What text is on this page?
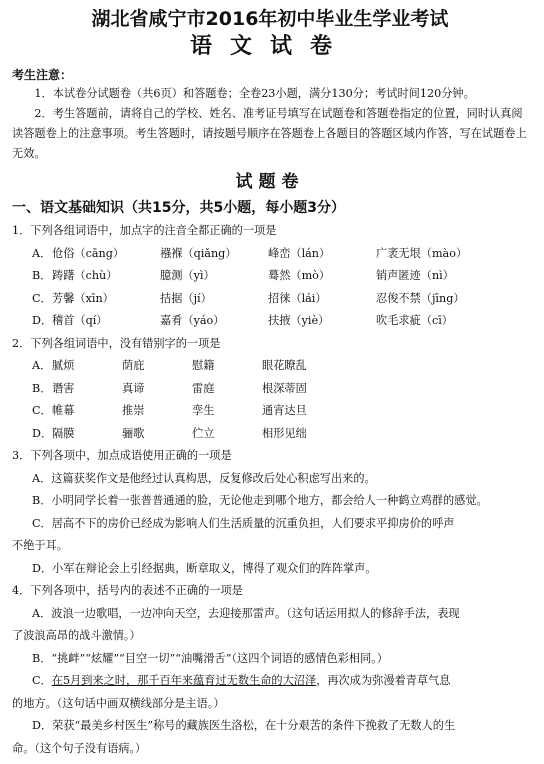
湖北省咸宁市2016年初中毕业生学业考试
语文试卷
考生注意：
1．本试卷分试题卷（共6页）和答题卷；全卷23小题，满分130分；考试时间120分钟。
2．考生答题前，请将自己的学校、姓名、准考证号填写在试题卷和答题卷指定的位置，同时认真阅读答题卷上的注意事项。考生答题时，请按题号顺序在答题卷上各题目的答题区域内作答，写在试题卷上无效。
试题卷
一、语文基础知识（共15分，共5小题，每小题3分）
1．下列各组词语中，加点字的注音全都正确的一项是
A． 伧俗（cāng）	襁褓（qiǎng）	峰峦（lán）	广袤无垠（mào）
B． 踌躇（chù）	臆测（yì）	蓦然（mò）	销声匿迹（nì）
C． 芳馨（xīn）	拮据（jí）	招徕（lái）	忍俊不禁（jīng）
D． 稽首（qí）	嘉肴（yáo）	扶掖（yiè）	吹毛求疵（cī）
2．下列各组词语中，没有错别字的一项是
A． 腻烦	荫庇	慰籍	眼花瞭乱
B． 谮害	真谛	雷庭	根深蒂固
C． 帷幕	推崇	孪生	通宵达旦
D． 隔膜	骊歌	伫立	相形见绌
3．下列各项中，加点成语使用正确的一项是
A．这篇获奖作文是他经过认真构思，反复修改后处心积虑写出来的。
B．小明同学长着一张普普通通的脸，无论他走到哪个地方，都会给人一种鹤立鸡群的感觉。
C．居高不下的房价已经成为影响人们生活质量的沉重负担，人们要求平抑房价的呼声
不绝于耳。
D．小军在辩论会上引经据典，断章取义，博得了观众们的阵阵掌声。
4．下列各项中，括号内的表述不正确的一项是
A．波浪一边歌唱，一边冲向天空，去迎接那雷声。（这句话运用拟人的修辞手法，表现
了波浪高昂的战斗激情。）
B．“挑衅”“炫耀”“目空一切”“油嘴滑舌”（这四个词语的感情色彩相同。）
C．在5月到来之时，那千百年来蕴育过无数生命的大沼泽，再次成为弥漫着青草气息
的地方。（这句话中画双横线部分是主语。）
D．荣获“最美乡村医生”称号的藏族医生洛松，在十分艰苦的条件下挽救了无数人的生
命。（这个句子没有语病。）
